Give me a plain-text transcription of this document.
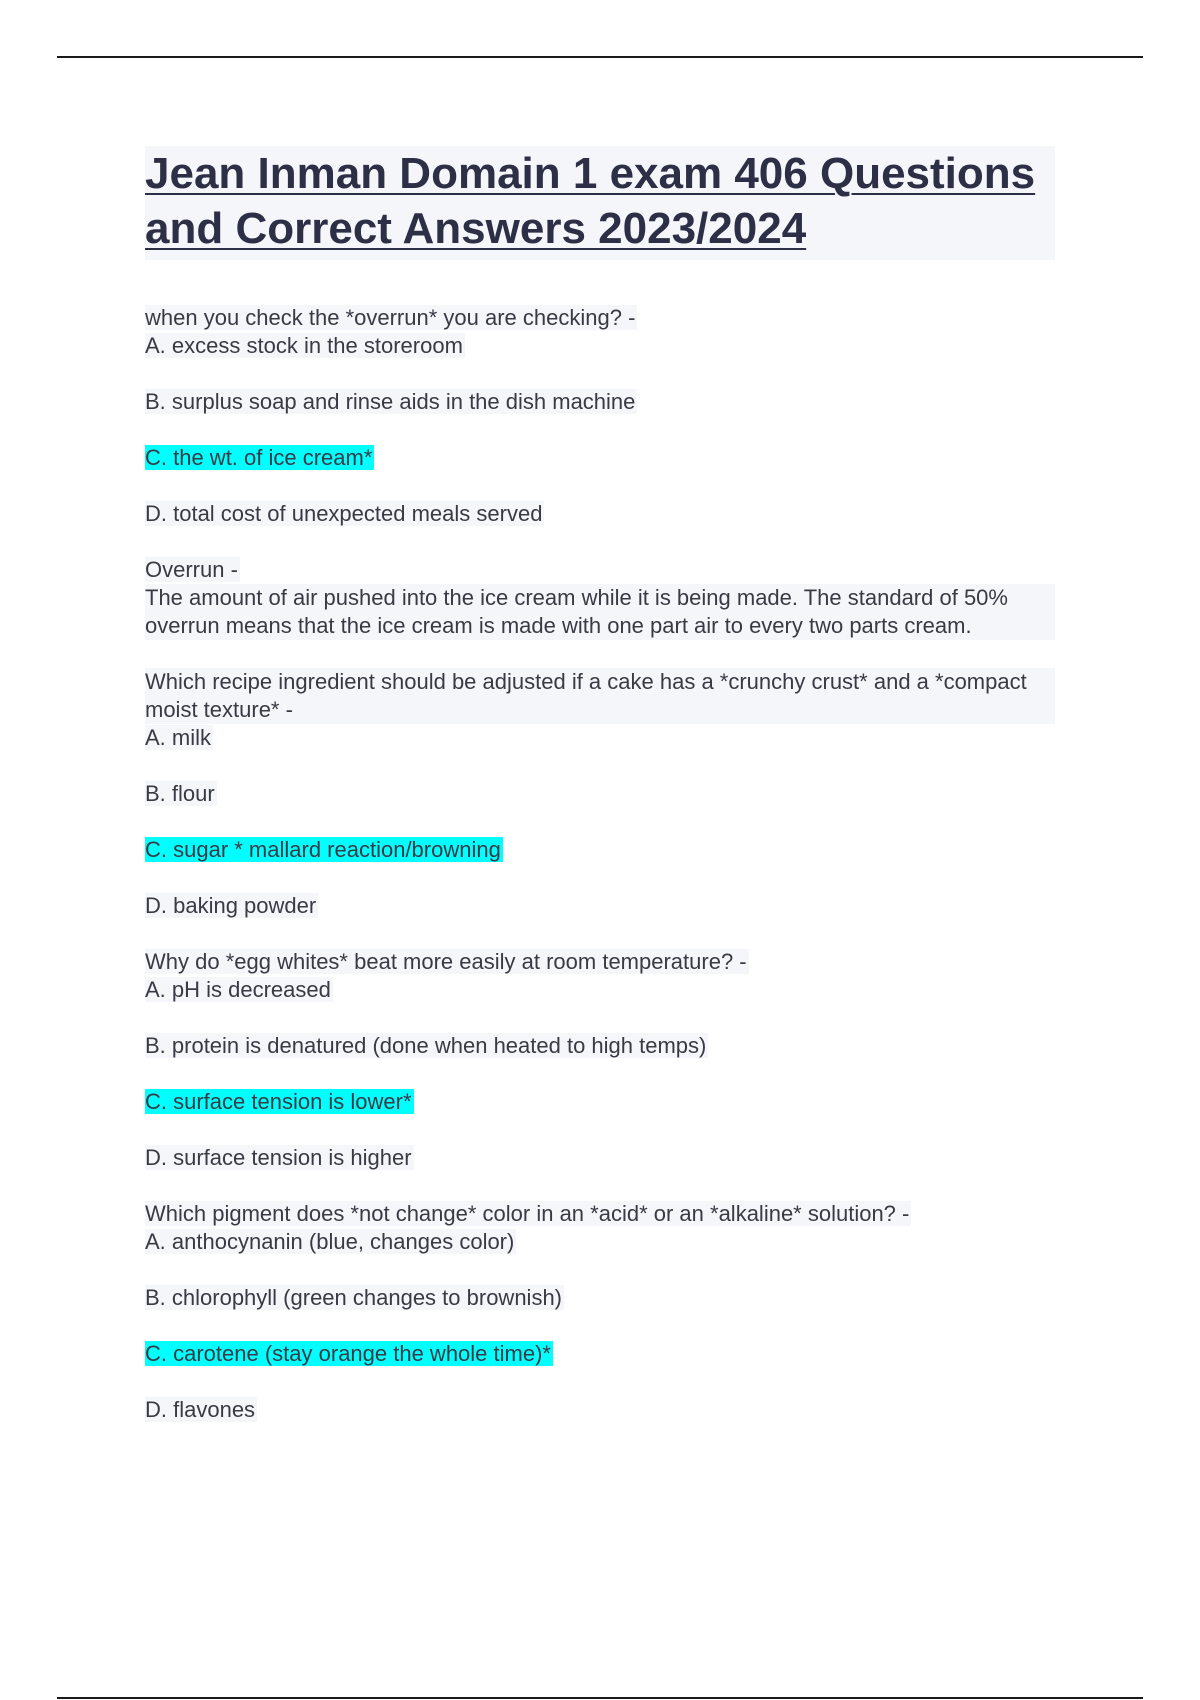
Jean Inman Domain 1 exam 406 Questions and Correct Answers 2023/2024
when you check the *overrun* you are checking? -
A. excess stock in the storeroom
B. surplus soap and rinse aids in the dish machine
C. the wt. of ice cream*
D. total cost of unexpected meals served
Overrun -
The amount of air pushed into the ice cream while it is being made. The standard of 50% overrun means that the ice cream is made with one part air to every two parts cream.
Which recipe ingredient should be adjusted if a cake has a *crunchy crust* and a *compact moist texture* -
A. milk
B. flour
C. sugar * mallard reaction/browning
D. baking powder
Why do *egg whites* beat more easily at room temperature? -
A. pH is decreased
B. protein is denatured (done when heated to high temps)
C. surface tension is lower*
D. surface tension is higher
Which pigment does *not change* color in an *acid* or an *alkaline* solution? -
A. anthocynanin (blue, changes color)
B. chlorophyll (green changes to brownish)
C. carotene (stay orange the whole time)*
D. flavones
